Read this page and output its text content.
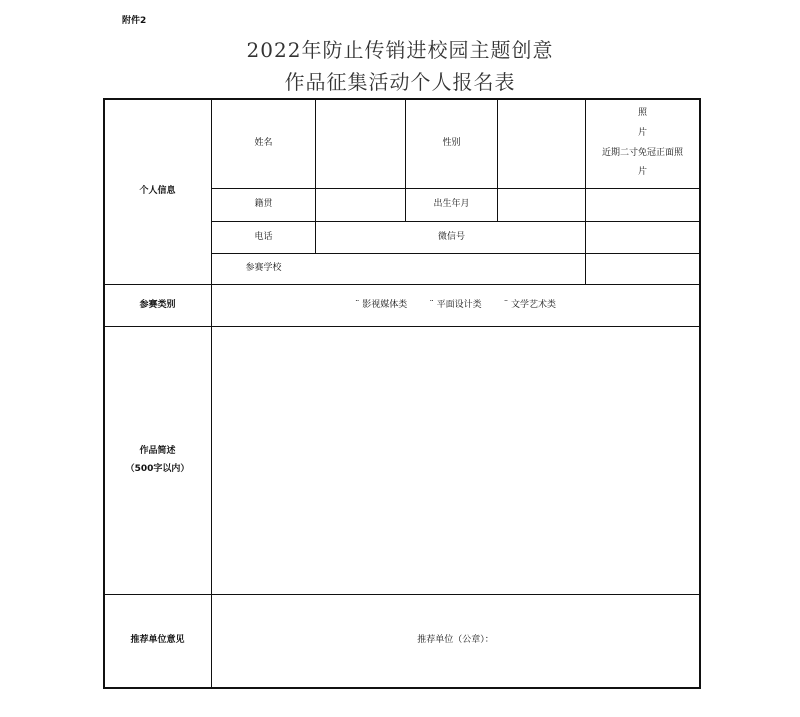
附件2
2022年防止传销进校园主题创意
作品征集活动个人报名表
个人信息
姓名	性别
照
片
近期二寸免冠正面照
片
籍贯	出生年月
电话	微信号
参赛学校
参赛类别	¨ 影视媒体类 ¨ 平面设计类 ¨ 文学艺术类
作品简述
（500字以内）
推荐单位意见	推荐单位（公章）：
